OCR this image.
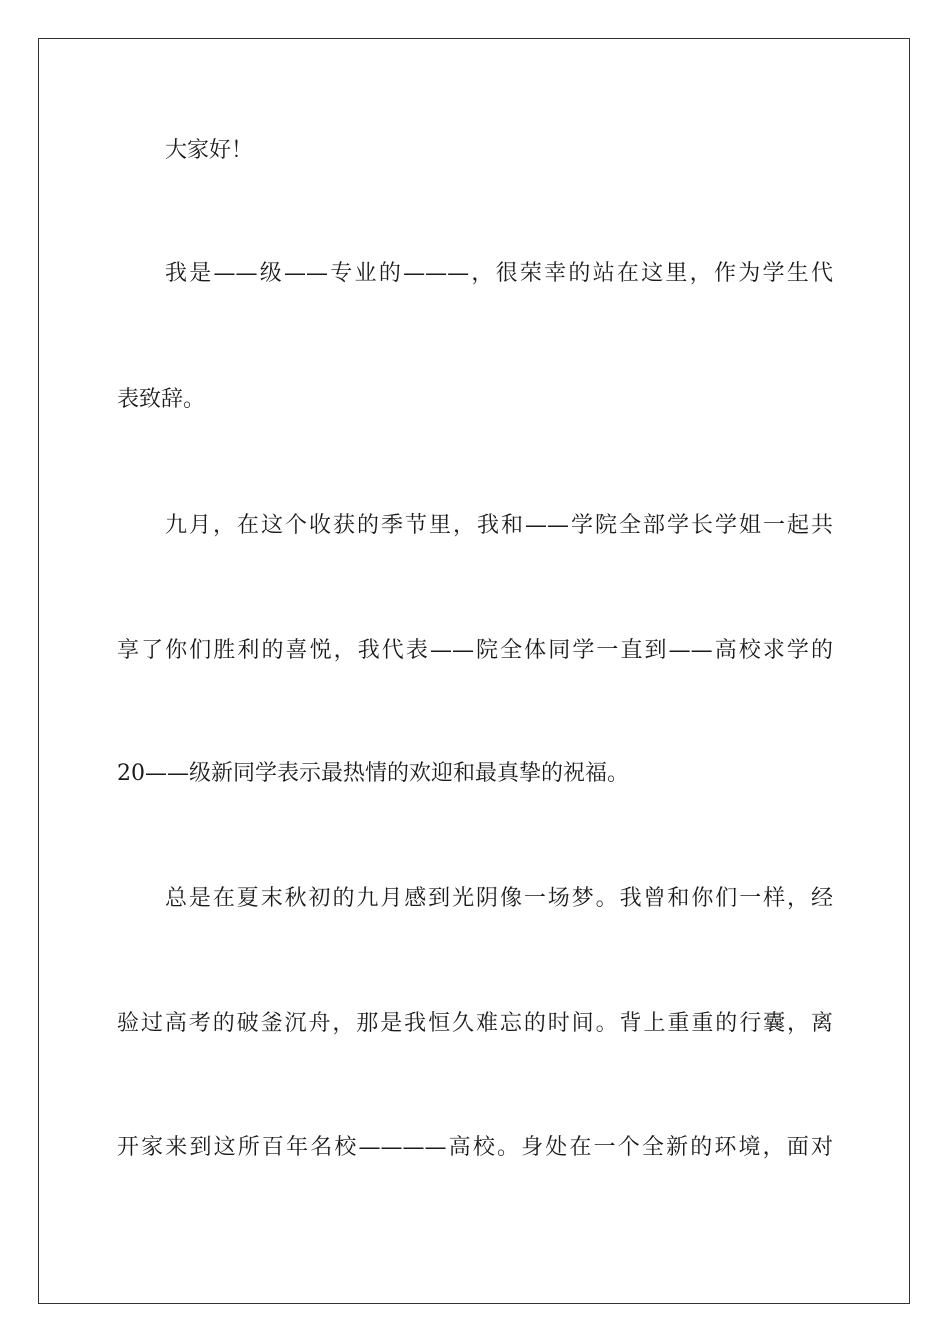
大家好！
我是——级——专业的———，很荣幸的站在这里，作为学生代
表致辞。
九月，在这个收获的季节里，我和——学院全部学长学姐一起共
享了你们胜利的喜悦，我代表——院全体同学一直到——高校求学的
20——级新同学表示最热情的欢迎和最真挚的祝福。
总是在夏末秋初的九月感到光阴像一场梦。我曾和你们一样，经
验过高考的破釜沉舟，那是我恒久难忘的时间。背上重重的行囊，离
开家来到这所百年名校————高校。身处在一个全新的环境，面对
